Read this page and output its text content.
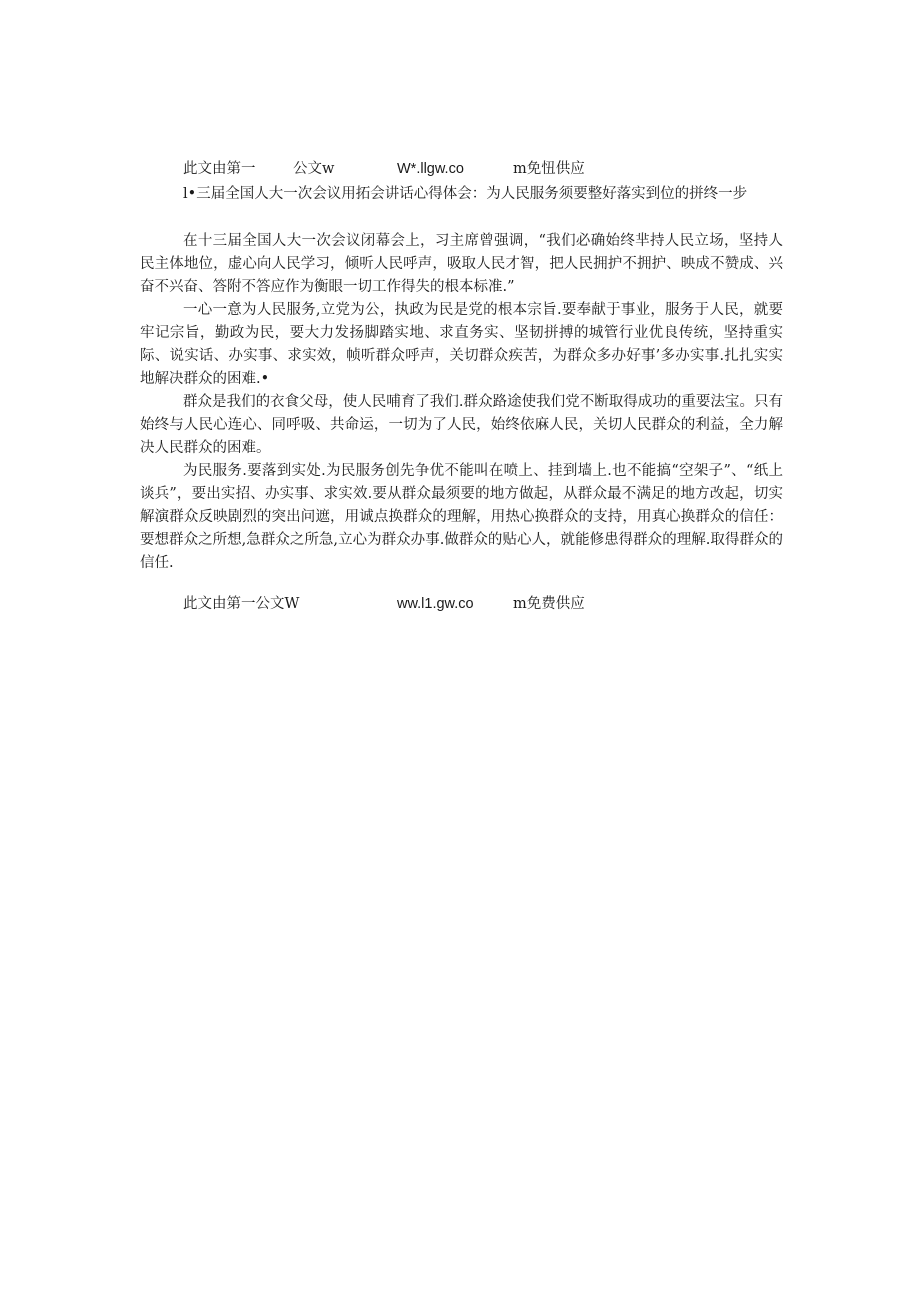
此文由第一	公文w	W*.llgw.co	m免忸供应
l•三届全国人大一次会议用拓会讲话心得体会：为人民服务须要整好落实到位的拼终一步

在十三届全国人大一次会议闭幕会上，习主席曾强调，“我们必确始终芈持人民立场，坚持人民主体地位，虚心向人民学习，倾听人民呼声，吸取人民才智，把人民拥护不拥护、映成不赞成、兴奋不兴奋、答附不答应作为衡眼一切工作得失的根本标准.”

一心一意为人民服务,立党为公，执政为民是党的根本宗旨.要奉献于事业，服务于人民，就要牢记宗旨，勤政为民，要大力发扬脚踏实地、求直务实、坚韧拼搏的城管行业优良传统，坚持重实际、说实话、办实事、求实效，帧听群众呼声，关切群众疾苦，为群众多办好事’多办实事.扎扎实实地解决群众的困难.•

群众是我们的衣食父母，使人民哺育了我们.群众路途使我们党不断取得成功的重要法宝。只有始终与人民心连心、同呼吸、共命运，一切为了人民，始终依麻人民，关切人民群众的利益，全力解决人民群众的困难。

为民服务.要落到实处.为民服务创先争优不能叫在喷上、挂到墙上.也不能搞“空架子”、“纸上谈兵”，要出实招、办实事、求实效.要从群众最须要的地方做起，从群众最不满足的地方改起，切实解演群众反映剧烈的突出问遮，用诚点换群众的理解，用热心换群众的支持，用真心换群众的信任：要想群众之所想,急群众之所急,立心为群众办事.做群众的贴心人，就能修患得群众的理解.取得群众的信任.

此文由第一公文W	ww.l1.gw.co	m免费供应
